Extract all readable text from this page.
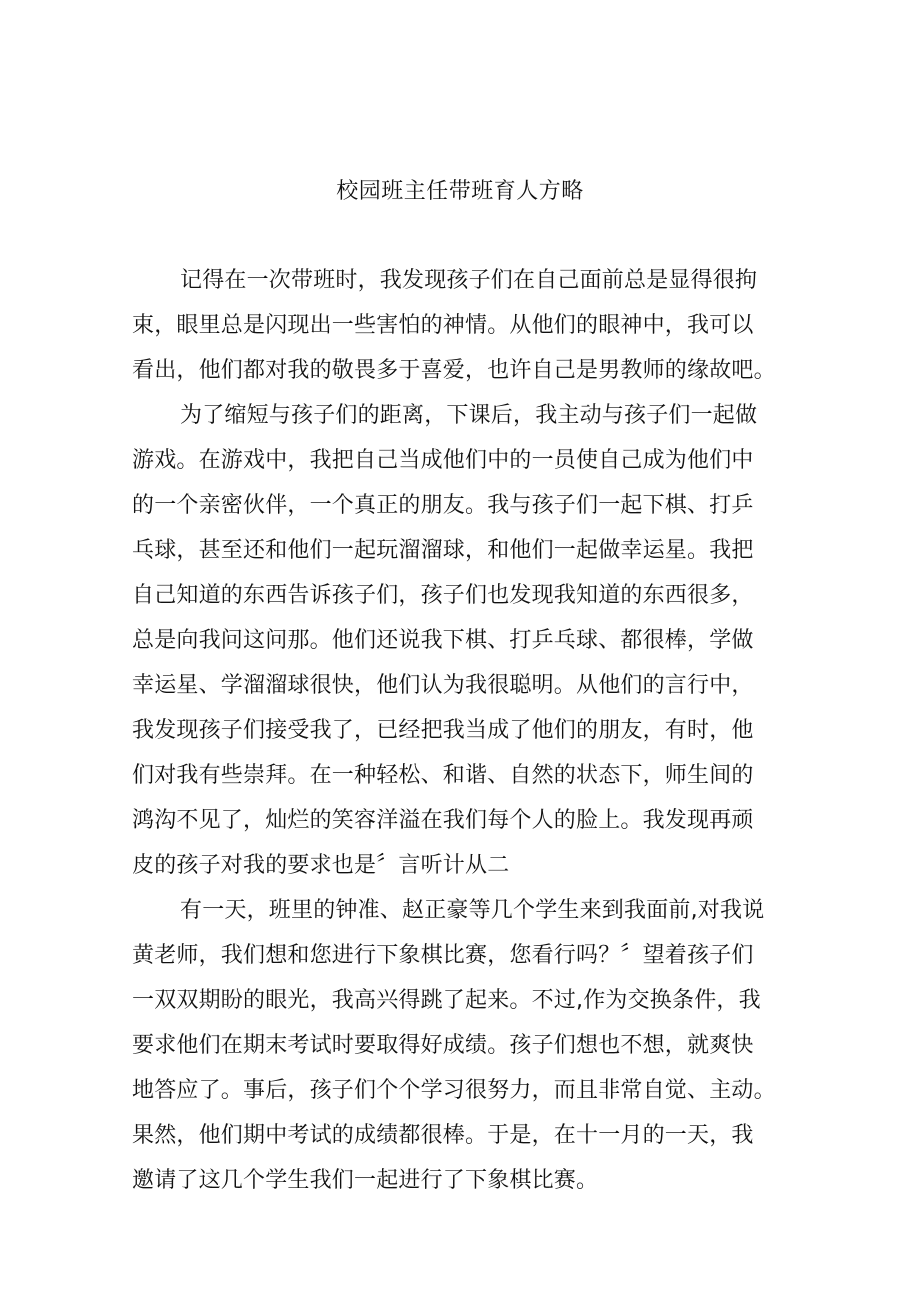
校园班主任带班育人方略
记得在一次带班时，我发现孩子们在自己面前总是显得很拘
束，眼里总是闪现出一些害怕的神情。从他们的眼神中，我可以
看出，他们都对我的敬畏多于喜爱，也许自己是男教师的缘故吧。
为了缩短与孩子们的距离，下课后，我主动与孩子们一起做
游戏。在游戏中，我把自己当成他们中的一员使自己成为他们中
的一个亲密伙伴，一个真正的朋友。我与孩子们一起下棋、打乒
乓球，甚至还和他们一起玩溜溜球，和他们一起做幸运星。我把
自己知道的东西告诉孩子们，孩子们也发现我知道的东西很多，
总是向我问这问那。他们还说我下棋、打乒乓球、都很棒，学做
幸运星、学溜溜球很快，他们认为我很聪明。从他们的言行中，
我发现孩子们接受我了，已经把我当成了他们的朋友，有时，他
们对我有些崇拜。在一种轻松、和谐、自然的状态下，师生间的
鸿沟不见了，灿烂的笑容洋溢在我们每个人的脸上。我发现再顽
皮的孩子对我的要求也是〞言听计从二
有一天，班里的钟准、赵正豪等几个学生来到我面前,对我说
黄老师，我们想和您进行下象棋比赛，您看行吗？〞望着孩子们
一双双期盼的眼光，我高兴得跳了起来。不过,作为交换条件，我
要求他们在期末考试时要取得好成绩。孩子们想也不想，就爽快
地答应了。事后，孩子们个个学习很努力，而且非常自觉、主动。
果然，他们期中考试的成绩都很棒。于是，在十一月的一天，我
邀请了这几个学生我们一起进行了下象棋比赛。
